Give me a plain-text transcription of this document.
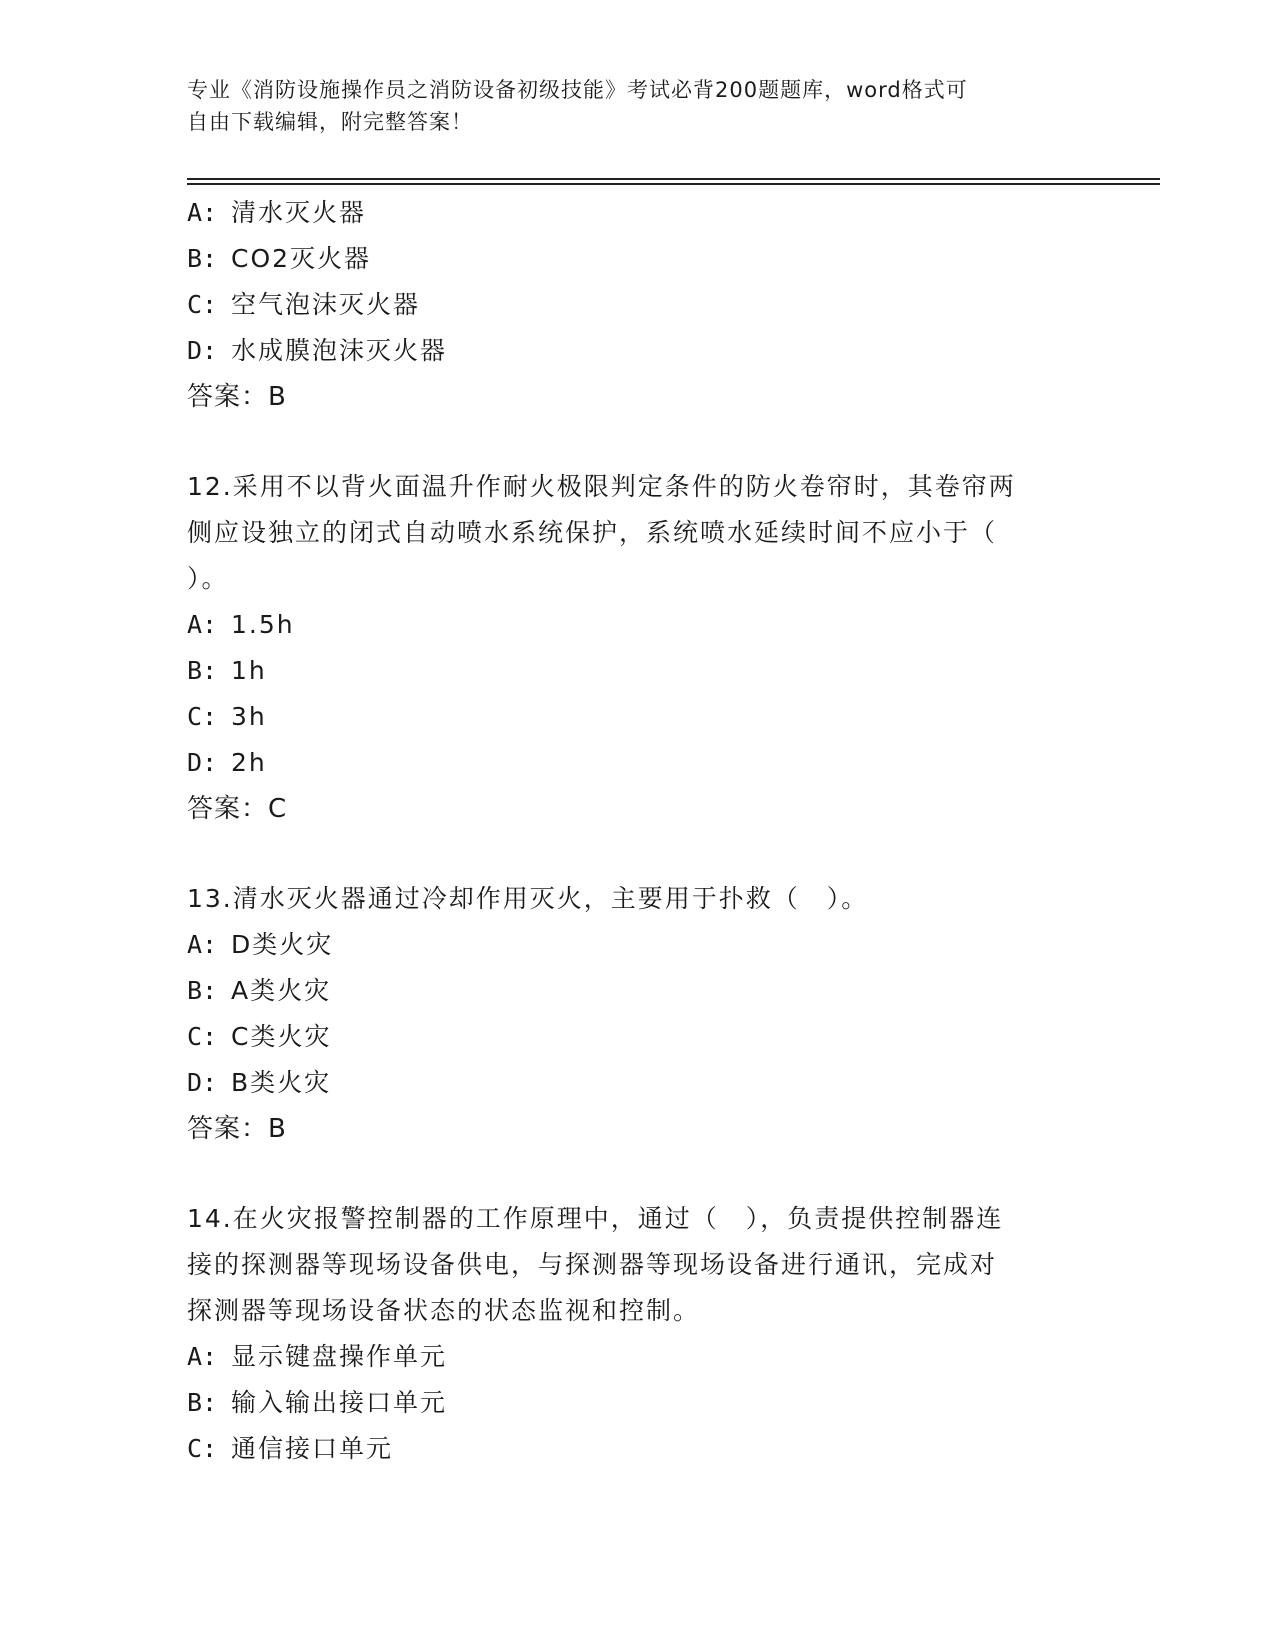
专业《消防设施操作员之消防设备初级技能》考试必背200题题库，word格式可
自由下载编辑，附完整答案！
A: 清水灭火器
B: CO2灭火器
C: 空气泡沫灭火器
D: 水成膜泡沫灭火器
答案：B
12.采用不以背火面温升作耐火极限判定条件的防火卷帘时，其卷帘两
侧应设独立的闭式自动喷水系统保护，系统喷水延续时间不应小于（
）。
A: 1.5h
B: 1h
C: 3h
D: 2h
答案：C
13.清水灭火器通过冷却作用灭火，主要用于扑救（　）。
A: D类火灾
B: A类火灾
C: C类火灾
D: B类火灾
答案：B
14.在火灾报警控制器的工作原理中，通过（　），负责提供控制器连
接的探测器等现场设备供电，与探测器等现场设备进行通讯，完成对
探测器等现场设备状态的状态监视和控制。
A: 显示键盘操作单元
B: 输入输出接口单元
C: 通信接口单元
